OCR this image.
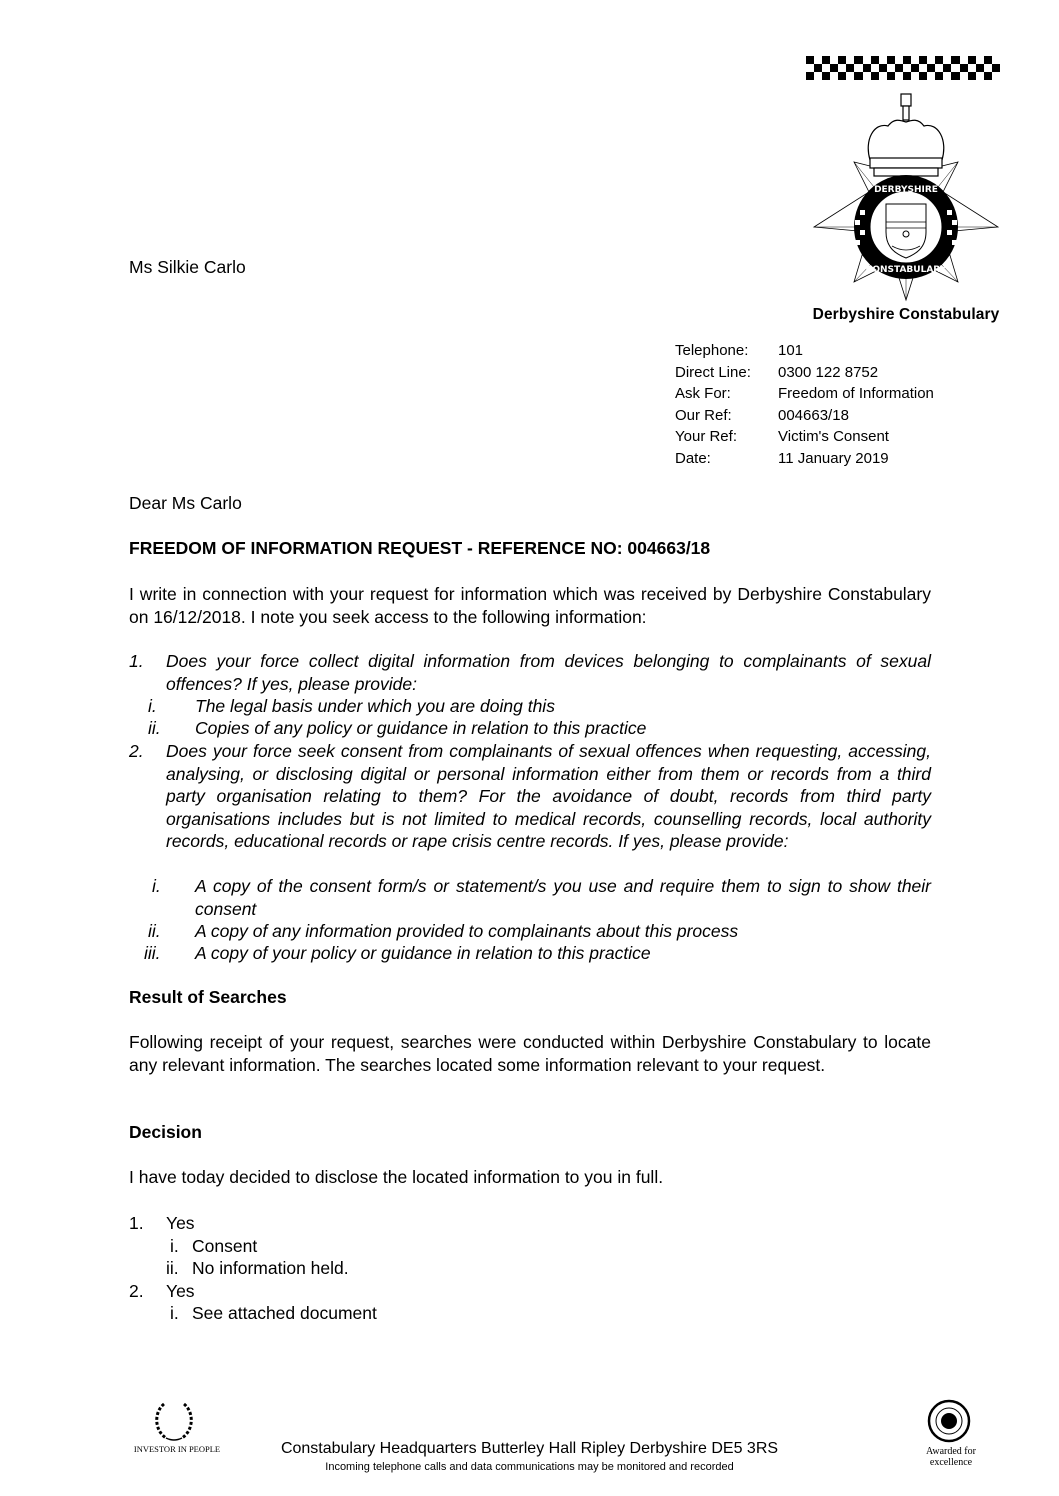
DERBYSHIRE
CONSTABULARY
Derbyshire Constabulary
Ms Silkie Carlo
Telephone:	101
Direct Line:	0300 122 8752
Ask For:	Freedom of Information
Our Ref:	004663/18
Your Ref:	Victim's Consent
Date:	11 January 2019
Dear Ms Carlo
FREEDOM OF INFORMATION REQUEST - REFERENCE NO: 004663/18
I write in connection with your request for information which was received by Derbyshire Constabulary on 16/12/2018. I note you seek access to the following information:
1. Does your force collect digital information from devices belonging to complainants of sexual offences? If yes, please provide:
i.	The legal basis under which you are doing this
ii.	Copies of any policy or guidance in relation to this practice
2. Does your force seek consent from complainants of sexual offences when requesting, accessing, analysing, or disclosing digital or personal information either from them or records from a third party organisation relating to them? For the avoidance of doubt, records from third party organisations includes but is not limited to medical records, counselling records, local authority records, educational records or rape crisis centre records. If yes, please provide:
i.	A copy of the consent form/s or statement/s you use and require them to sign to show their consent
ii.	A copy of any information provided to complainants about this process
iii.	A copy of your policy or guidance in relation to this practice
Result of Searches
Following receipt of your request, searches were conducted within Derbyshire Constabulary to locate any relevant information. The searches located some information relevant to your request.
Decision
I have today decided to disclose the located information to you in full.
1. Yes
i. Consent
ii. No information held.
2. Yes
i. See attached document
INVESTOR IN PEOPLE	Awarded for excellence
Constabulary Headquarters Butterley Hall Ripley Derbyshire DE5 3RS
Incoming telephone calls and data communications may be monitored and recorded
